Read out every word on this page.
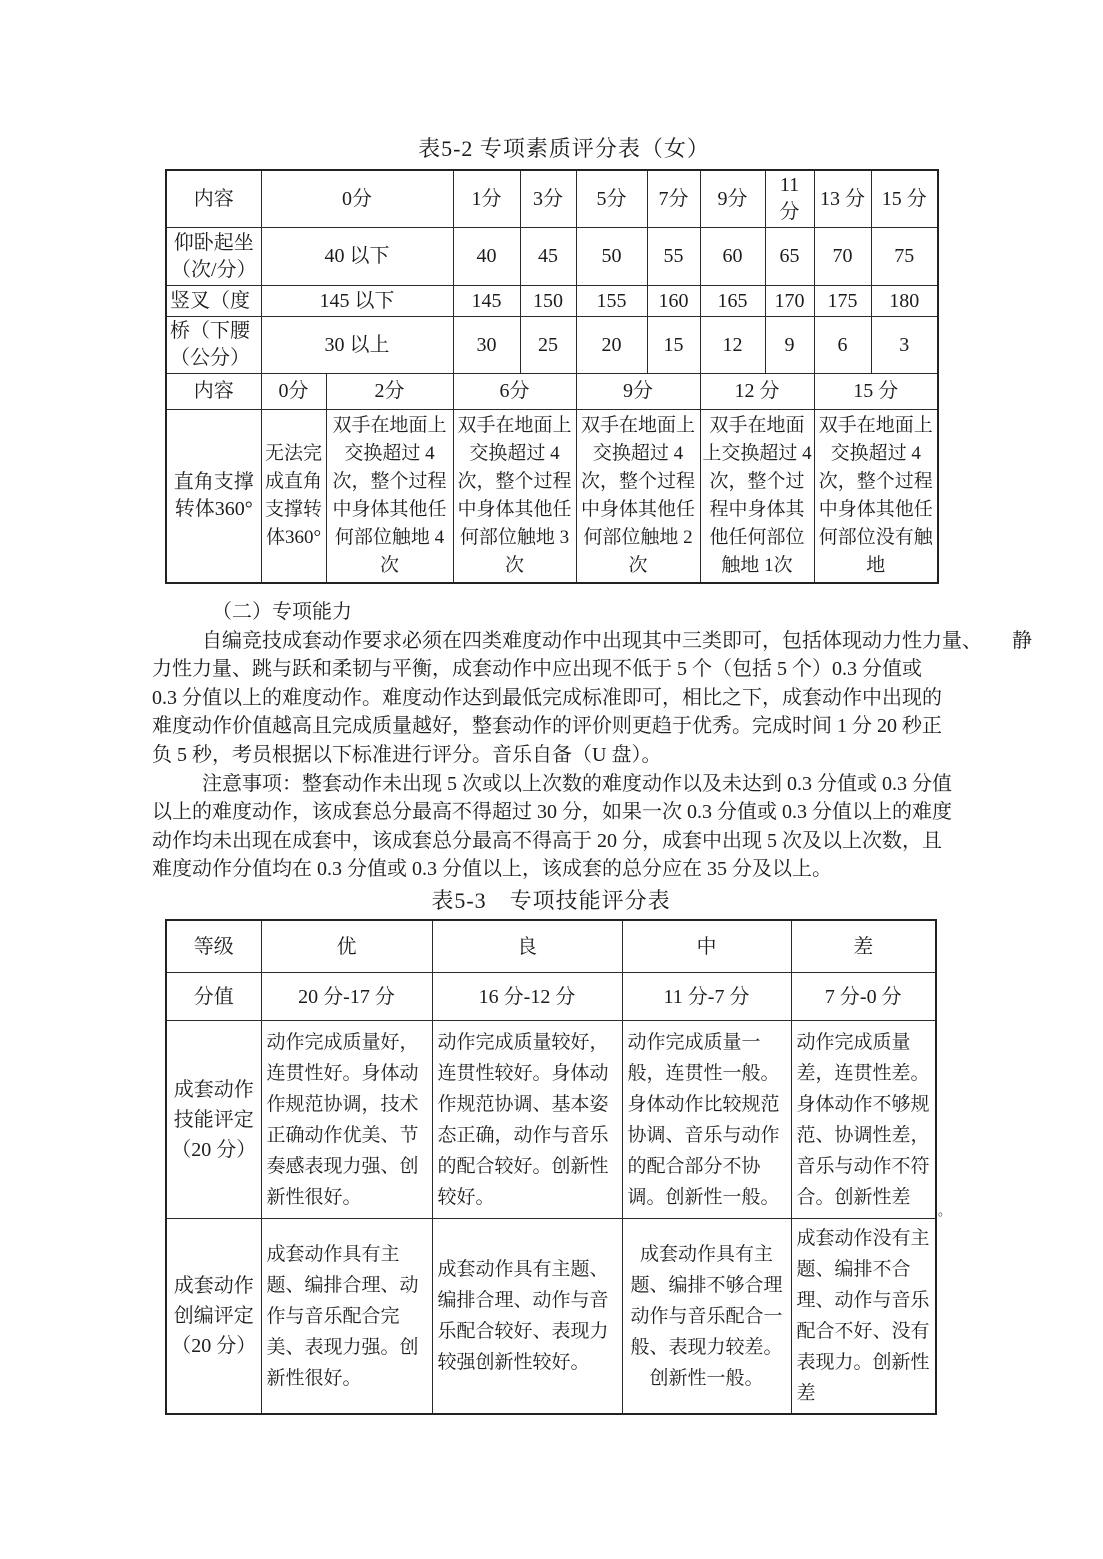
表5-2 专项素质评分表（女）
内容	0分		1分	3分	5分	7分	9分	11 分	13 分	15 分
仰卧起坐（次/分）	40 以下		40	45	50	55	60	65	70	75
竖叉（度	145 以下		145	150	155	160	165	170	175	180
桥（下腰（公分）	30 以上		30	25	20	15	12	9	6	3
内容	0分	2分	6分		9分		12 分		15 分	
直角支撑转体360°	无法完成直角支撑转体360°	双手在地面上交换超过 4 次，整个过程中身体其他任何部位触地 4 次	双手在地面上交换超过 4 次，整个过程中身体其他任何部位触地 3 次		双手在地面上交换超过 4 次，整个过程中身体其他任何部位触地 2 次		双手在地面上交换超过 4 次，整个过程中身体其他任何部位触地 1次		双手在地面上交换超过 4 次，整个过程中身体其他任何部位没有触地	
（二）专项能力
自编竞技成套动作要求必须在四类难度动作中出现其中三类即可，包括体现动力性力量、　　静
力性力量、跳与跃和柔韧与平衡，成套动作中应出现不低于 5 个（包括 5 个）0.3 分值或
0.3 分值以上的难度动作。难度动作达到最低完成标准即可，相比之下，成套动作中出现的
难度动作价值越高且完成质量越好，整套动作的评价则更趋于优秀。完成时间 1 分 20 秒正
负 5 秒，考员根据以下标准进行评分。音乐自备（U 盘）。
注意事项：整套动作未出现 5 次或以上次数的难度动作以及未达到 0.3 分值或 0.3 分值
以上的难度动作，该成套总分最高不得超过 30 分，如果一次 0.3 分值或 0.3 分值以上的难度
动作均未出现在成套中，该成套总分最高不得高于 20 分，成套中出现 5 次及以上次数，且
难度动作分值均在 0.3 分值或 0.3 分值以上，该成套的总分应在 35 分及以上。
表5-3　专项技能评分表
等级	优	良	中	差
分值	20 分-17 分	16 分-12 分	11 分-7 分	7 分-0 分
成套动作技能评定（20 分）	动作完成质量好，连贯性好。身体动作规范协调，技术正确动作优美、节奏感表现力强、创新性很好。	动作完成质量较好，连贯性较好。身体动作规范协调、基本姿态正确，动作与音乐的配合较好。创新性较好。	动作完成质量一般，连贯性一般。身体动作比较规范协调、音乐与动作的配合部分不协调。创新性一般。	动作完成质量差，连贯性差。身体动作不够规范、协调性差，音乐与动作不符合。创新性差
成套动作创编评定（20 分）	成套动作具有主题、编排合理、动作与音乐配合完美、表现力强。创新性很好。	成套动作具有主题、编排合理、动作与音乐配合较好、表现力较强创新性较好。	成套动作具有主题、编排不够合理 动作与音乐配合一般、表现力较差。 创新性一般。	成套动作没有主题、编排不合理、动作与音乐配合不好、没有表现力。创新性差
。
